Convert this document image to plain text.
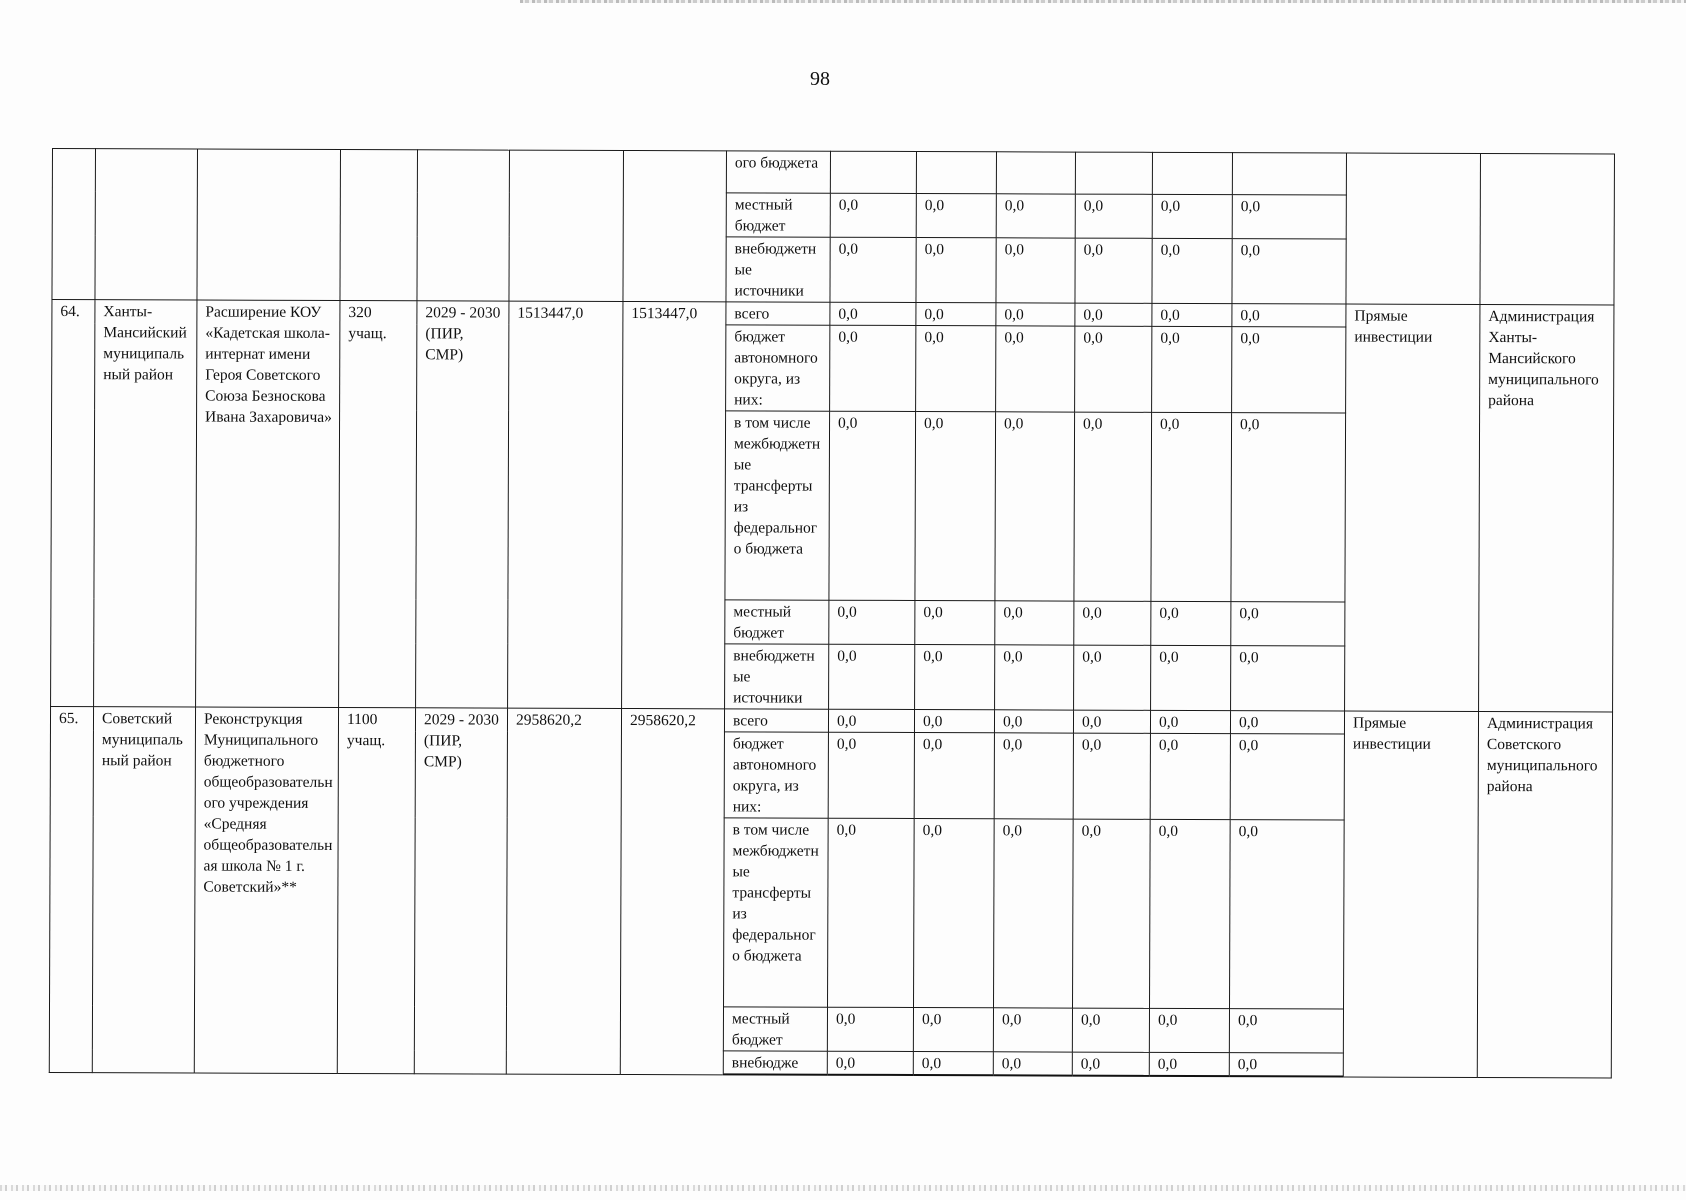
98
							ого бюджета								
							местный бюджет	0,0	0,0	0,0	0,0	0,0	0,0		
							внебюджетные источники	0,0	0,0	0,0	0,0	0,0	0,0		
64.	Ханты-Мансийский муниципальный район	Расширение КОУ «Кадетская школа-интернат имени Героя Советского Союза Безноскова Ивана Захаровича»	320 учащ.	2029 - 2030 (ПИР, СМР)	1513447,0	1513447,0	всего	0,0	0,0	0,0	0,0	0,0	0,0	Прямые инвестиции	Администрация Ханты-Мансийского муниципального района
							бюджет автономного округа, из них:	0,0	0,0	0,0	0,0	0,0	0,0		
							в том числе межбюджетные трансферты из федерального бюджета	0,0	0,0	0,0	0,0	0,0	0,0		
							местный бюджет	0,0	0,0	0,0	0,0	0,0	0,0		
							внебюджетные источники	0,0	0,0	0,0	0,0	0,0	0,0		
65.	Советский муниципальный район	Реконструкция Муниципального бюджетного общеобразовательного учреждения «Средняя общеобразовательная школа № 1 г. Советский»**	1100 учащ.	2029 - 2030 (ПИР, СМР)	2958620,2	2958620,2	всего	0,0	0,0	0,0	0,0	0,0	0,0	Прямые инвестиции	Администрация Советского муниципального района
							бюджет автономного округа, из них:	0,0	0,0	0,0	0,0	0,0	0,0		
							в том числе межбюджетные трансферты из федерального бюджета	0,0	0,0	0,0	0,0	0,0	0,0		
							местный бюджет	0,0	0,0	0,0	0,0	0,0	0,0		
							внебюдже	0,0	0,0	0,0	0,0	0,0	0,0		
